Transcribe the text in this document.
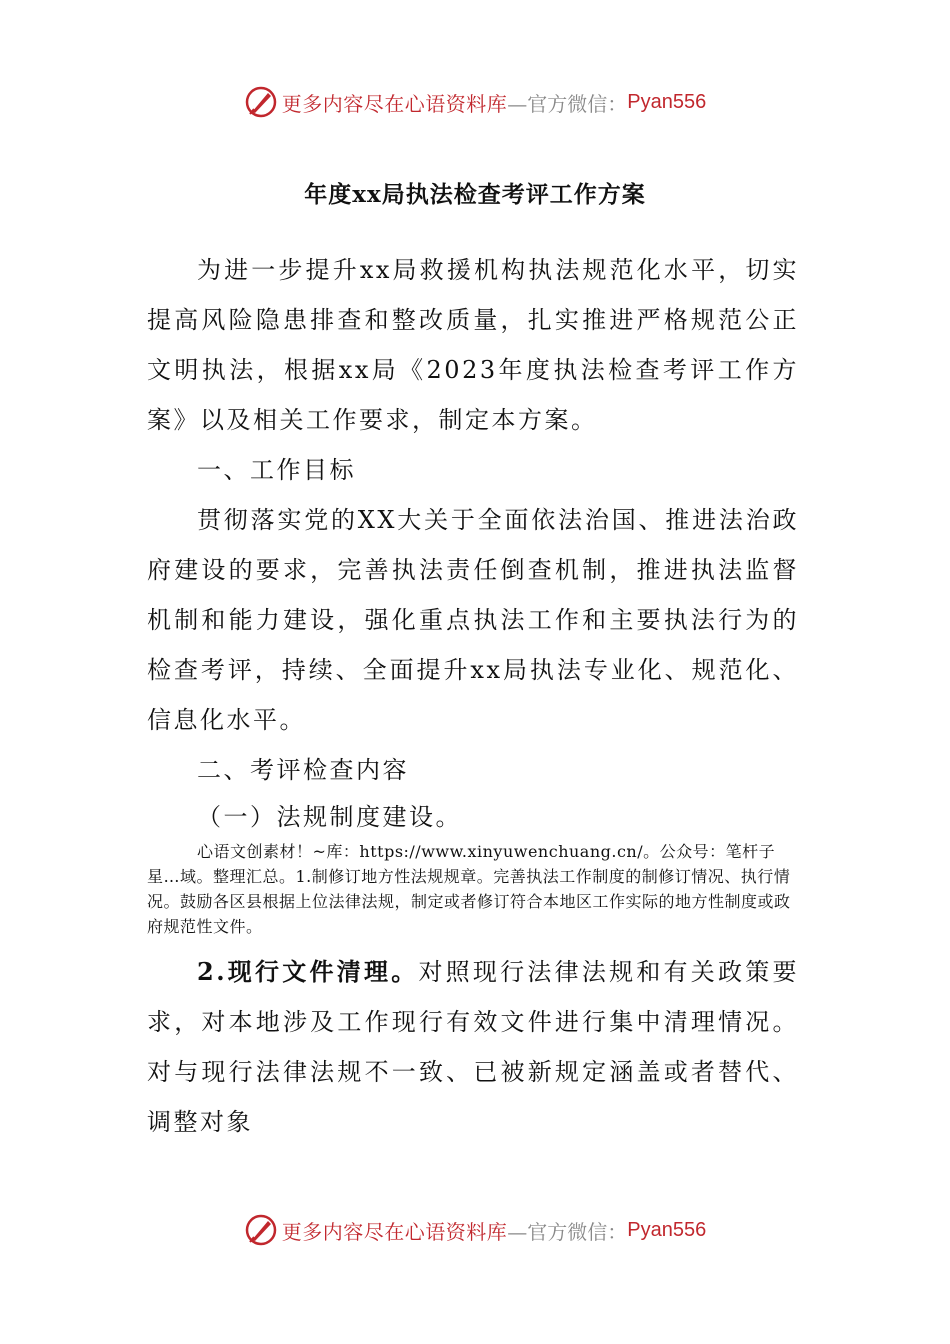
更多内容尽在心语资料库 —官方微信： Pyan556
年度xx局执法检查考评工作方案

为进一步提升xx局救援机构执法规范化水平，切实提高风险隐患排查和整改质量，扎实推进严格规范公正文明执法，根据xx局《2023年度执法检查考评工作方案》以及相关工作要求，制定本方案。

一、工作目标

贯彻落实党的XX大关于全面依法治国、推进法治政府建设的要求，完善执法责任倒查机制，推进执法监督机制和能力建设，强化重点执法工作和主要执法行为的检查考评，持续、全面提升xx局执法专业化、规范化、信息化水平。

二、考评检查内容

（一）法规制度建设。

心语文创素材！~库：https://www.xinyuwenchuang.cn/。公众号：笔杆子星…域。整理汇总。1.制修订地方性法规规章。完善执法工作制度的制修订情况、执行情况。鼓励各区县根据上位法律法规，制定或者修订符合本地区工作实际的地方性制度或政府规范性文件。

2.现行文件清理。对照现行法律法规和有关政策要求，对本地涉及工作现行有效文件进行集中清理情况。对与现行法律法规不一致、已被新规定涵盖或者替代、调整对象

更多内容尽在心语资料库 —官方微信： Pyan556
